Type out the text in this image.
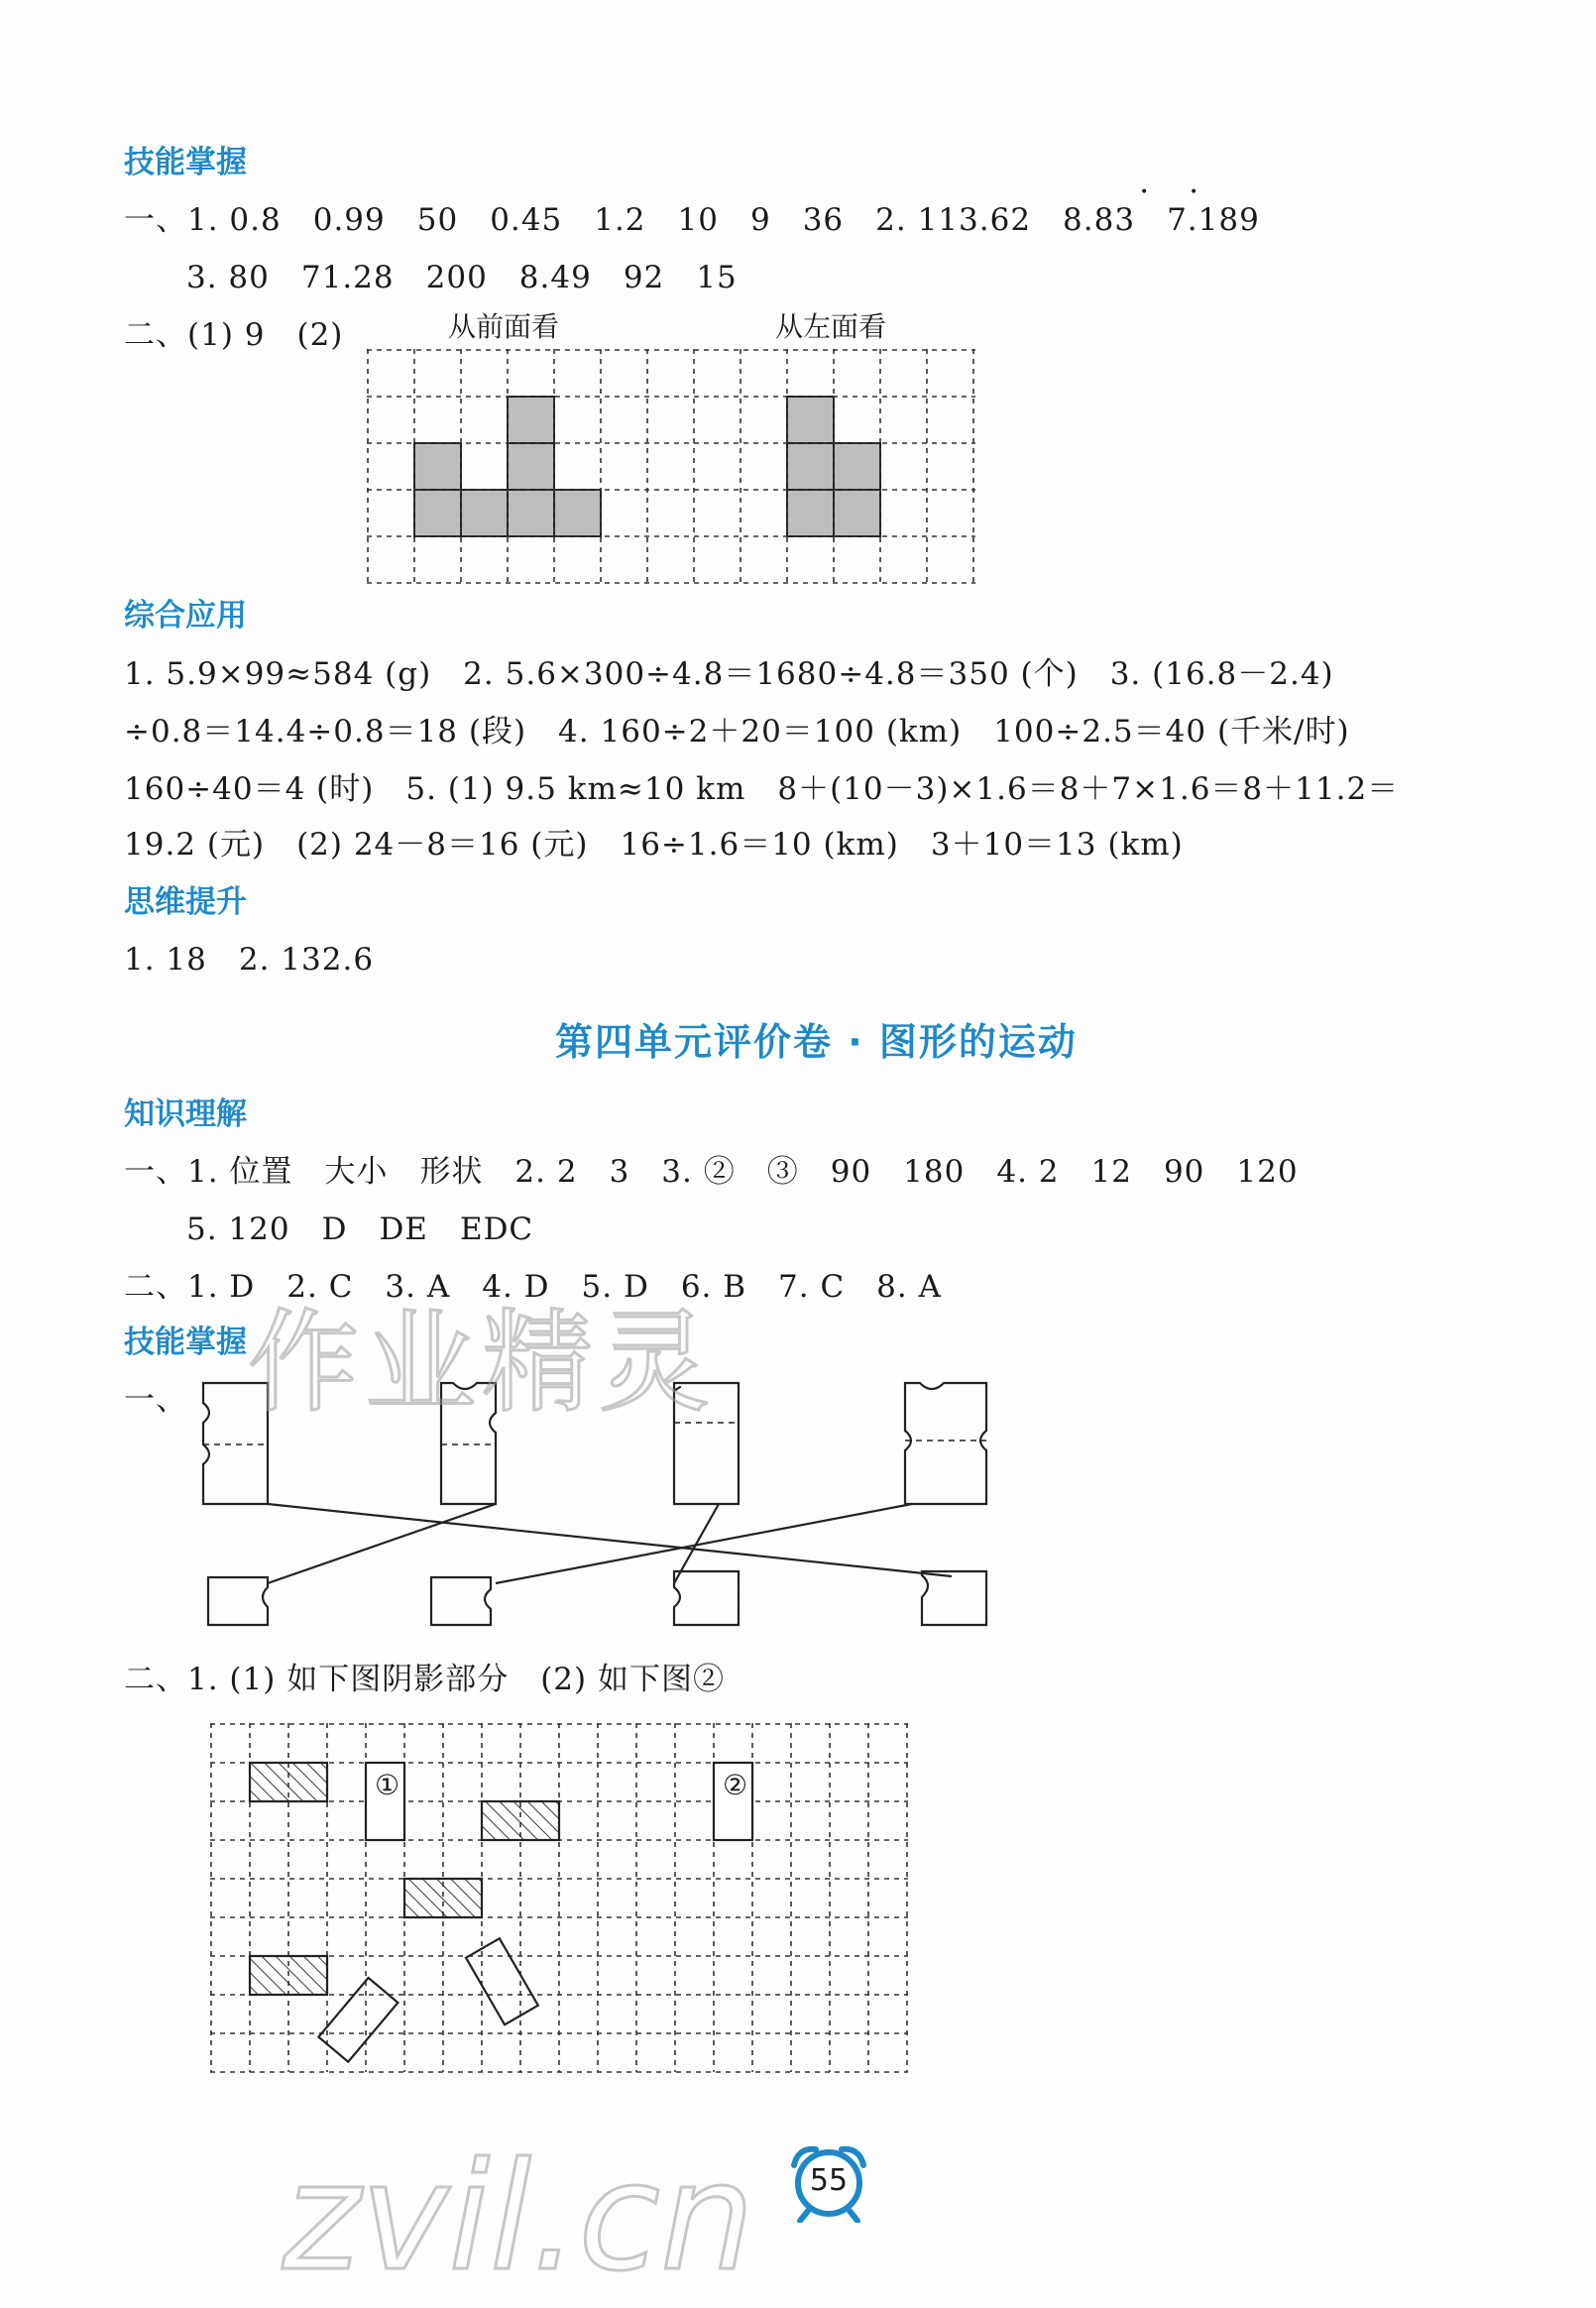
技能掌握
一、1. 0.8　0.99　50　0.45　1.2　10　9　36　2. 113.62　8.83　7.189
•	•
3. 80　71.28　200　8.49　92　15
二、(1) 9　(2)	从前面看	从左面看
综合应用
1. 5.9×99≈584 (g)　2. 5.6×300÷4.8＝1680÷4.8＝350 (个)　3. (16.8－2.4)
÷0.8＝14.4÷0.8＝18 (段)　4. 160÷2＋20＝100 (km)　100÷2.5＝40 (千米/时)
160÷40＝4 (时)　5. (1) 9.5 km≈10 km　8＋(10－3)×1.6＝8＋7×1.6＝8＋11.2＝
19.2 (元)　(2) 24－8＝16 (元)　16÷1.6＝10 (km)　3＋10＝13 (km)
思维提升
1. 18　2. 132.6
第四单元评价卷 · 图形的运动
知识理解
一、1. 位置　大小　形状　2. 2　3　3. ②　③　90　180　4. 2　12　90　120
5. 120　D　DE　EDC
二、1. D　2. C　3. A　4. D　5. D　6. B　7. C　8. A
技能掌握
一、
二、1. (1) 如下图阴影部分　(2) 如下图②
①	②
55
作业精灵
zvil.cn
